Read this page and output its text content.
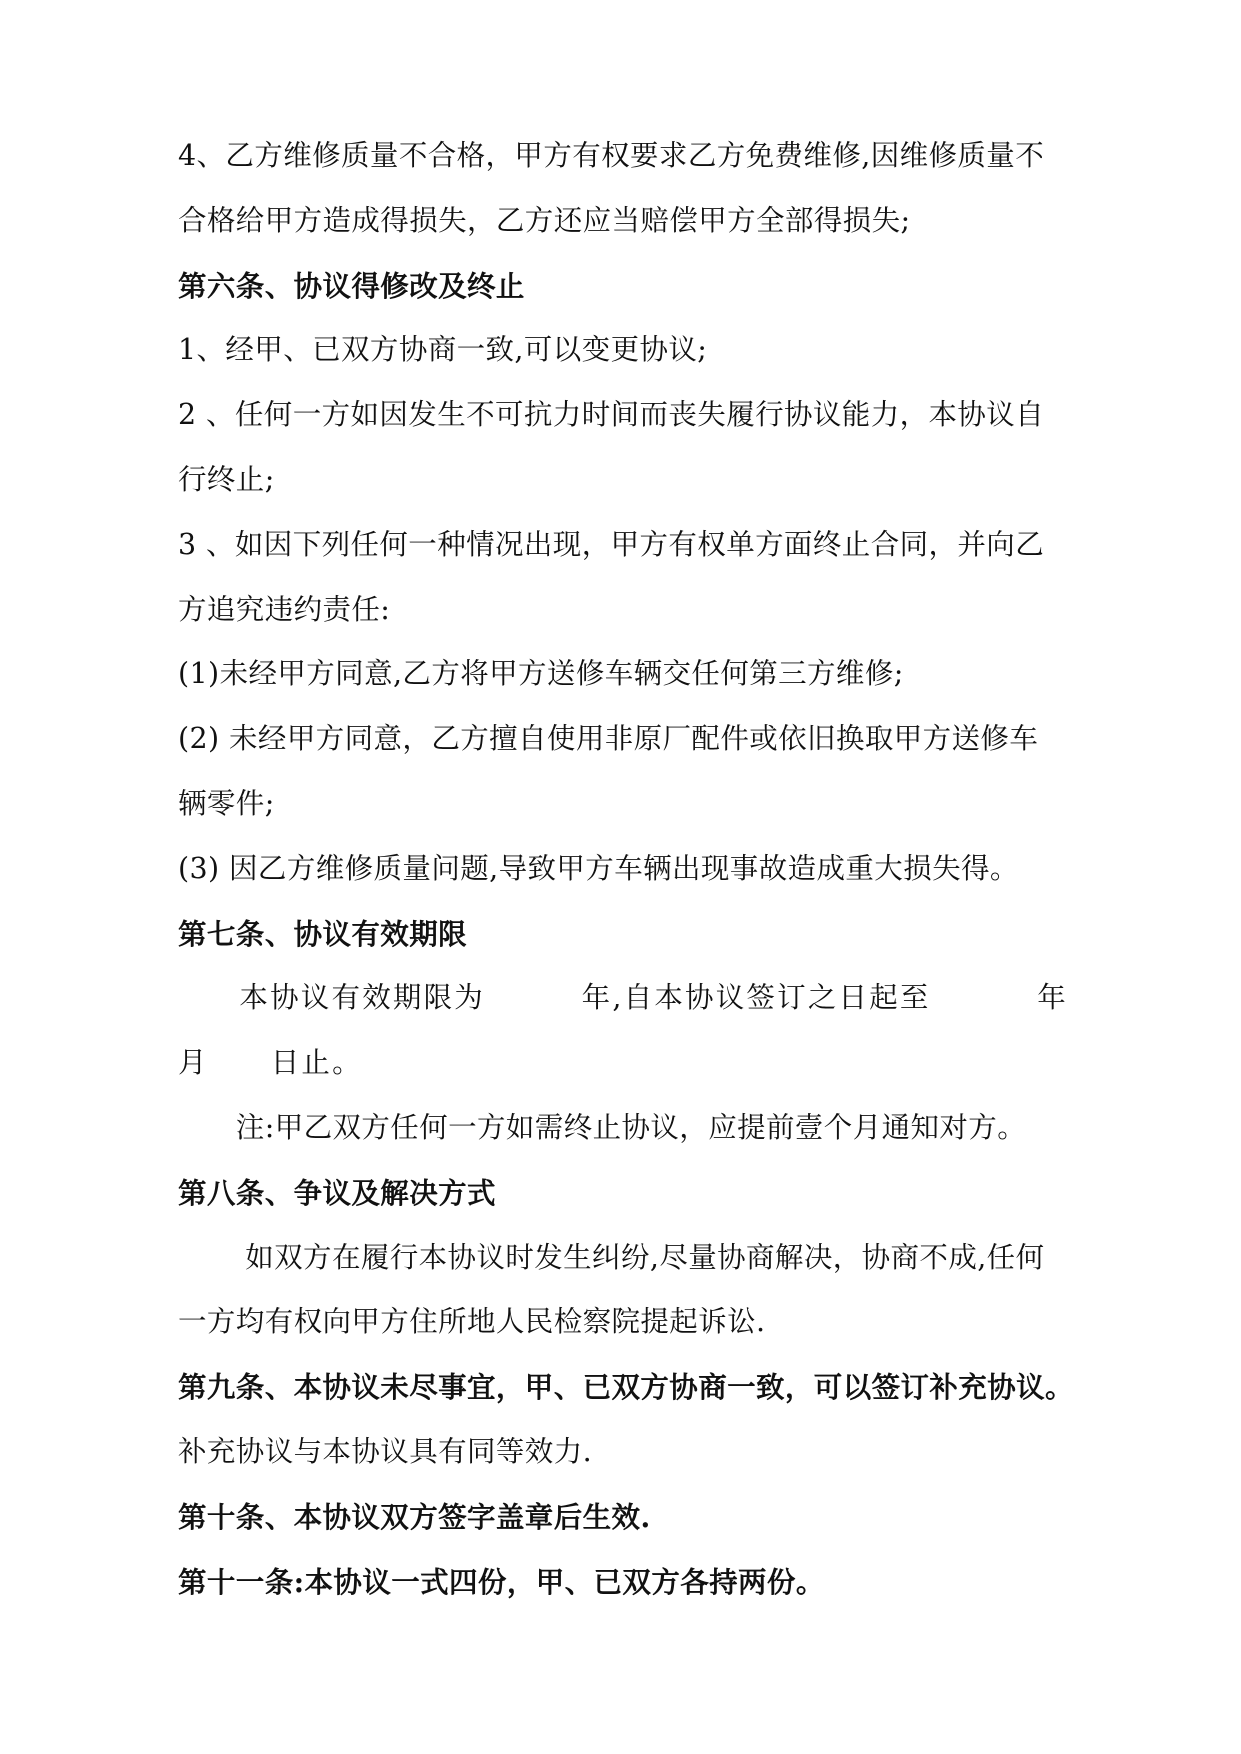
4、乙方维修质量不合格，甲方有权要求乙方免费维修,因维修质量不
合格给甲方造成得损失，乙方还应当赔偿甲方全部得损失;
第六条、协议得修改及终止
1、经甲、已双方协商一致,可以变更协议;
2 、任何一方如因发生不可抗力时间而丧失履行协议能力，本协议自
行终止;
3 、如因下列任何一种情况出现，甲方有权单方面终止合同，并向乙
方追究违约责任:
(1)未经甲方同意,乙方将甲方送修车辆交任何第三方维修;
(2) 未经甲方同意，乙方擅自使用非原厂配件或依旧换取甲方送修车
辆零件;
(3) 因乙方维修质量问题,导致甲方车辆出现事故造成重大损失得。
第七条、协议有效期限
　　本协议有效期限为	年,自本协议签订之日起至	年
月 日止。
　　注:甲乙双方任何一方如需终止协议，应提前壹个月通知对方。
第八条、争议及解决方式
　　 如双方在履行本协议时发生纠纷,尽量协商解决，协商不成,任何
一方均有权向甲方住所地人民检察院提起诉讼.
第九条、本协议未尽事宜，甲、已双方协商一致，可以签订补充协议。
补充协议与本协议具有同等效力.
第十条、本协议双方签字盖章后生效.
第十一条:本协议一式四份，甲、已双方各持两份。
